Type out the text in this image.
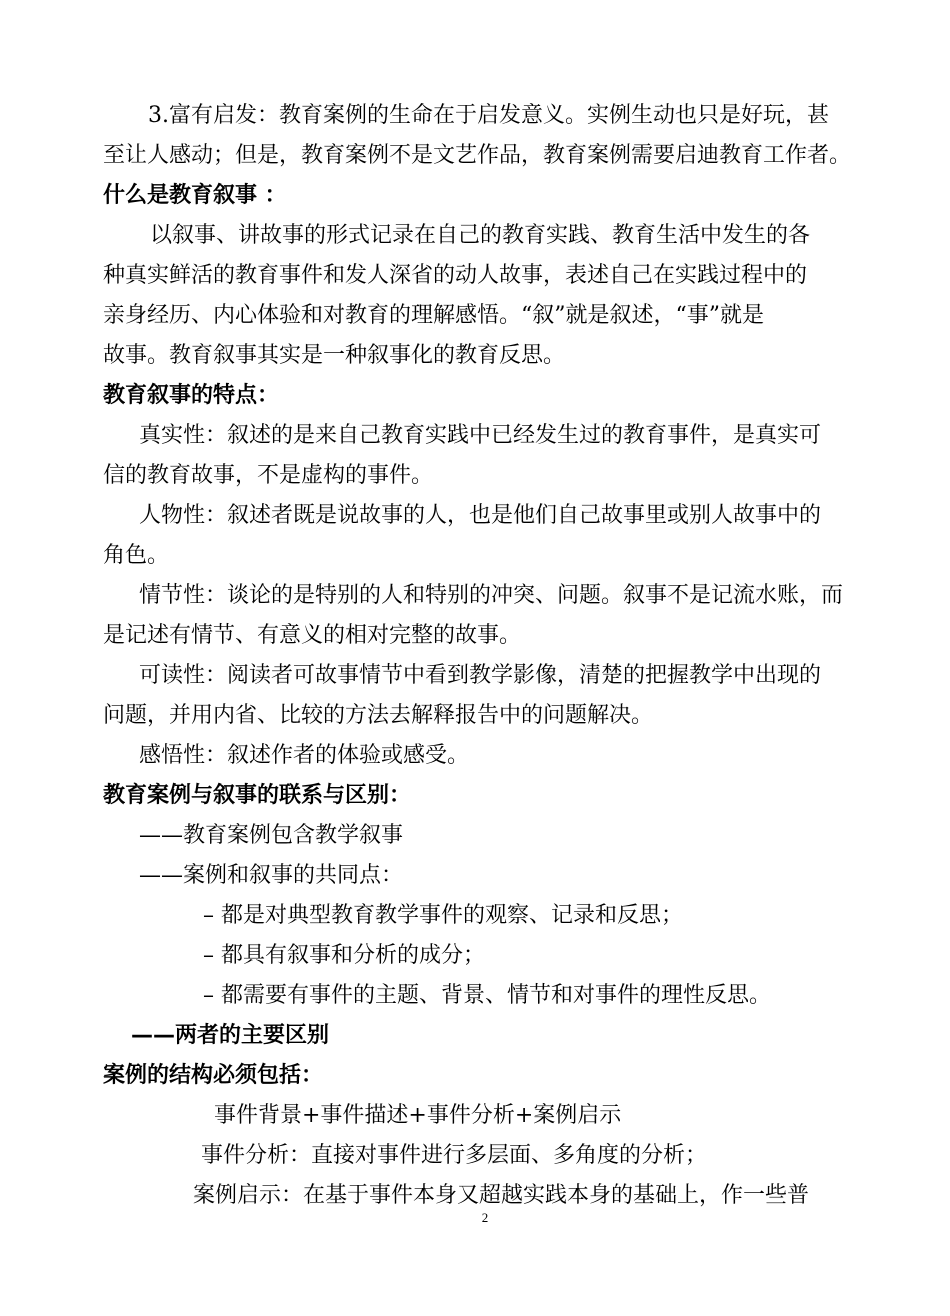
3.富有启发：教育案例的生命在于启发意义。实例生动也只是好玩，甚
至让人感动；但是，教育案例不是文艺作品，教育案例需要启迪教育工作者。
什么是教育叙事 ：
以叙事、讲故事的形式记录在自己的教育实践、教育生活中发生的各
种真实鲜活的教育事件和发人深省的动人故事，表述自己在实践过程中的
亲身经历、内心体验和对教育的理解感悟。“叙”就是叙述，“事”就是
故事。教育叙事其实是一种叙事化的教育反思。
教育叙事的特点：
真实性：叙述的是来自己教育实践中已经发生过的教育事件，是真实可
信的教育故事，不是虚构的事件。
人物性：叙述者既是说故事的人，也是他们自己故事里或别人故事中的
角色。
情节性：谈论的是特别的人和特别的冲突、问题。叙事不是记流水账，而
是记述有情节、有意义的相对完整的故事。
可读性：阅读者可故事情节中看到教学影像，清楚的把握教学中出现的
问题，并用内省、比较的方法去解释报告中的问题解决。
感悟性：叙述作者的体验或感受。
教育案例与叙事的联系与区别：
——教育案例包含教学叙事
——案例和叙事的共同点：
– 都是对典型教育教学事件的观察、记录和反思；
– 都具有叙事和分析的成分；
– 都需要有事件的主题、背景、情节和对事件的理性反思。
——两者的主要区别
案例的结构必须包括：
事件背景+事件描述+事件分析+案例启示
事件分析：直接对事件进行多层面、多角度的分析；
案例启示：在基于事件本身又超越实践本身的基础上，作一些普
2
